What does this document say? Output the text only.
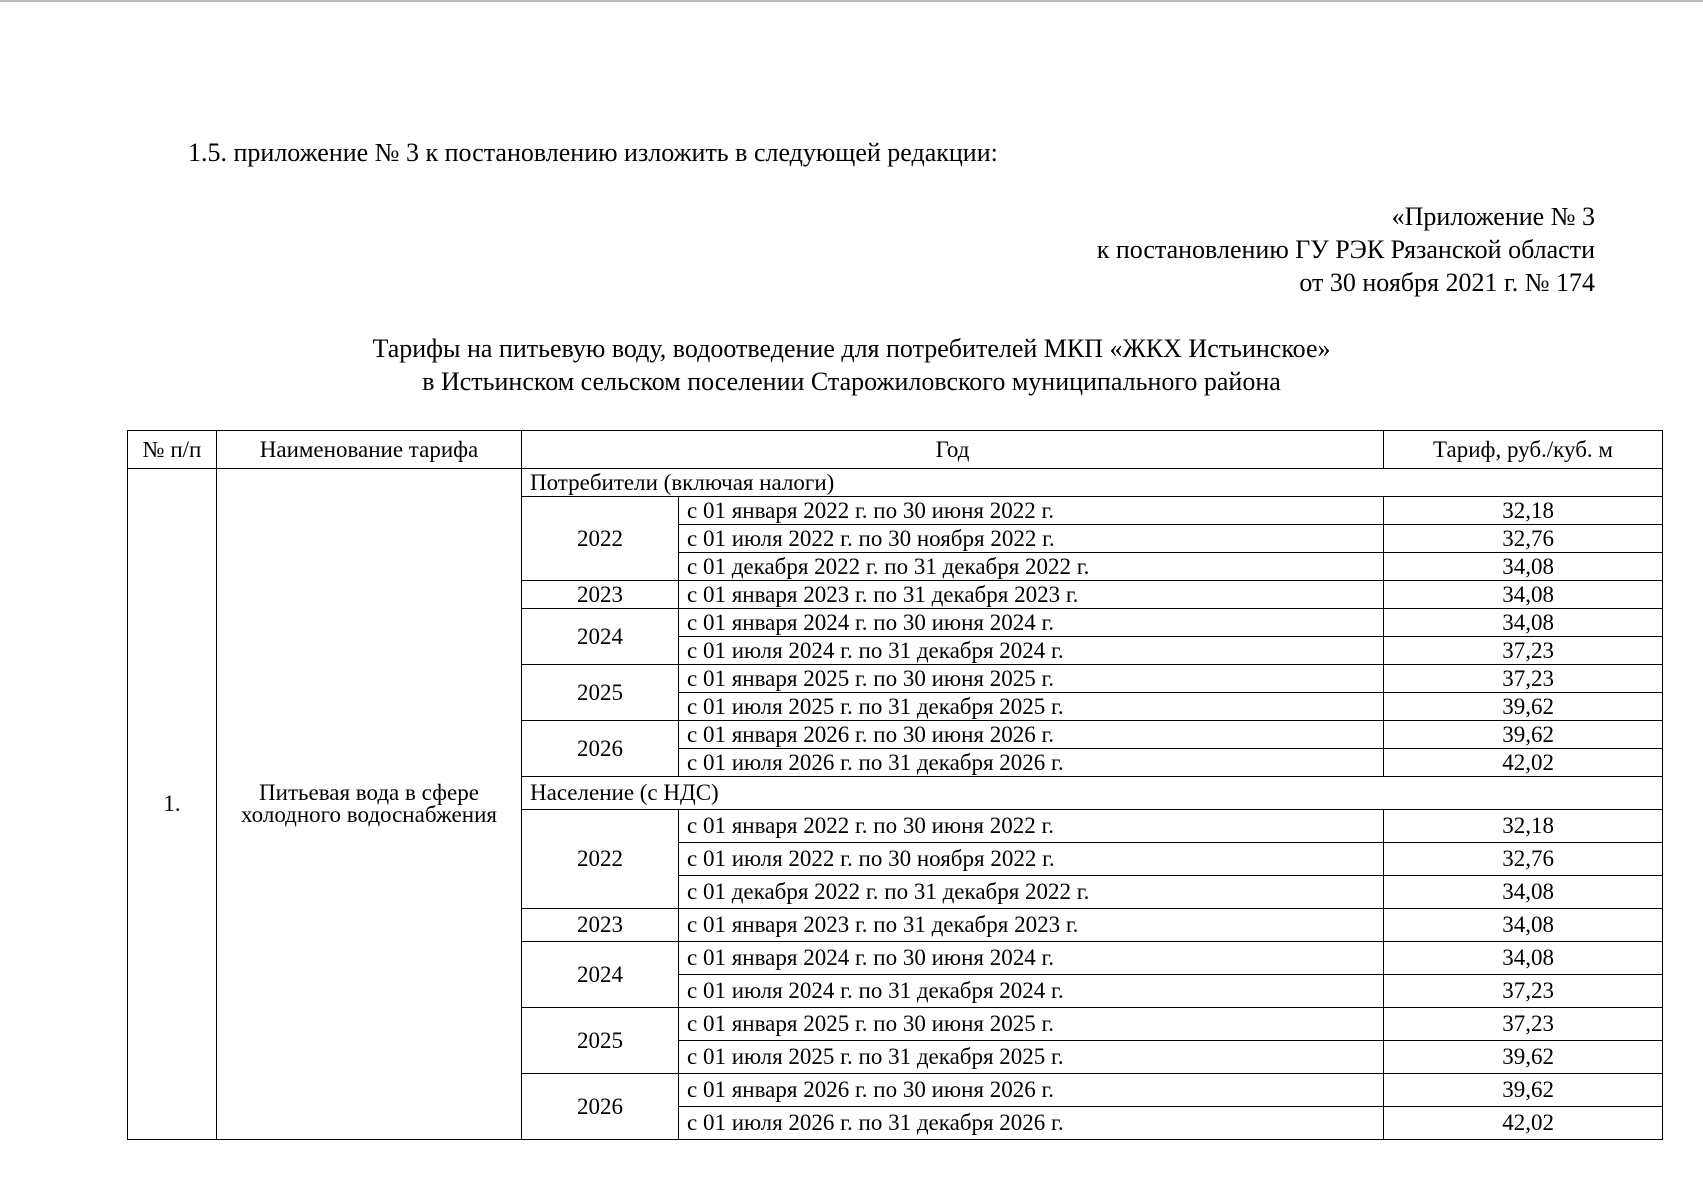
1.5. приложение № 3 к постановлению изложить в следующей редакции:
«Приложение № 3
к постановлению ГУ РЭК Рязанской области
от 30 ноября 2021 г. № 174
Тарифы на питьевую воду, водоотведение для потребителей МКП «ЖКХ Истьинское»
в Истьинском сельском поселении Старожиловского муниципального района
№ п/п	Наименование тарифа	Год		Тариф, руб./куб. м
1.	Питьевая вода в сфере холодного водоснабжения	Потребители (включая налоги)		
		2022	с 01 января 2022 г. по 30 июня 2022 г.	32,18
			с 01 июля 2022 г. по 30 ноября 2022 г.	32,76
			с 01 декабря 2022 г. по 31 декабря 2022 г.	34,08
		2023	с 01 января 2023 г. по 31 декабря 2023 г.	34,08
		2024	с 01 января 2024 г. по 30 июня 2024 г.	34,08
			с 01 июля 2024 г. по 31 декабря 2024 г.	37,23
		2025	с 01 января 2025 г. по 30 июня 2025 г.	37,23
			с 01 июля 2025 г. по 31 декабря 2025 г.	39,62
		2026	с 01 января 2026 г. по 30 июня 2026 г.	39,62
			с 01 июля 2026 г. по 31 декабря 2026 г.	42,02
		Население (с НДС)		
		2022	с 01 января 2022 г. по 30 июня 2022 г.	32,18
			с 01 июля 2022 г. по 30 ноября 2022 г.	32,76
			с 01 декабря 2022 г. по 31 декабря 2022 г.	34,08
		2023	с 01 января 2023 г. по 31 декабря 2023 г.	34,08
		2024	с 01 января 2024 г. по 30 июня 2024 г.	34,08
			с 01 июля 2024 г. по 31 декабря 2024 г.	37,23
		2025	с 01 января 2025 г. по 30 июня 2025 г.	37,23
			с 01 июля 2025 г. по 31 декабря 2025 г.	39,62
		2026	с 01 января 2026 г. по 30 июня 2026 г.	39,62
			с 01 июля 2026 г. по 31 декабря 2026 г.	42,02
